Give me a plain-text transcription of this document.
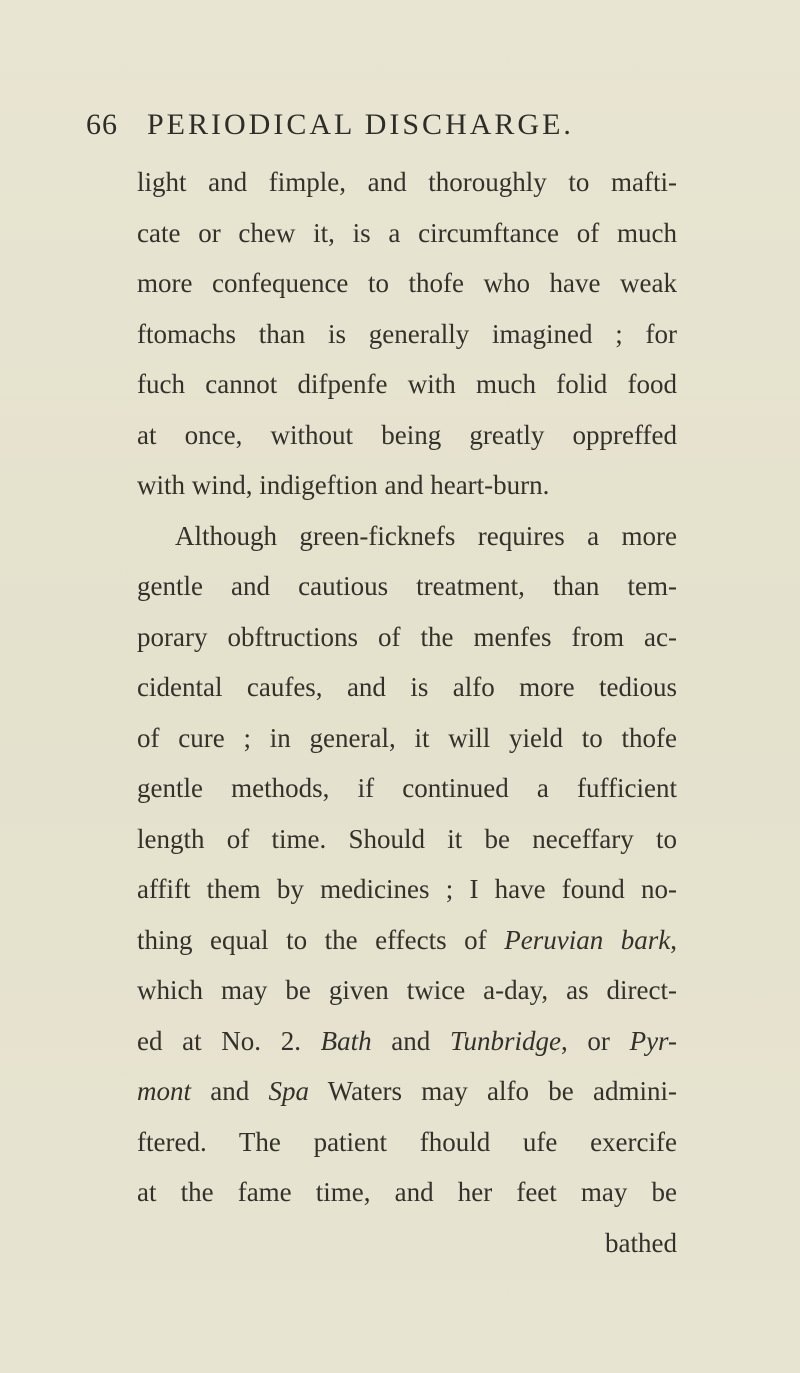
66 PERIODICAL DISCHARGE.
light and fimple, and thoroughly to mafti-
cate or chew it, is a circumftance of much
more confequence to thofe who have weak
ftomachs than is generally imagined ; for
fuch cannot difpenfe with much folid food
at once, without being greatly oppreffed
with wind, indigeftion and heart-burn.
Although green-ficknefs requires a more
gentle and cautious treatment, than tem-
porary obftructions of the menfes from ac-
cidental caufes, and is alfo more tedious
of cure ; in general, it will yield to thofe
gentle methods, if continued a fufficient
length of time. Should it be neceffary to
affift them by medicines ; I have found no-
thing equal to the effects of Peruvian bark,
which may be given twice a-day, as direct-
ed at No. 2. Bath and Tunbridge, or Pyr-
mont and Spa Waters may alfo be admini-
ftered. The patient fhould ufe exercife
at the fame time, and her feet may be
bathed
